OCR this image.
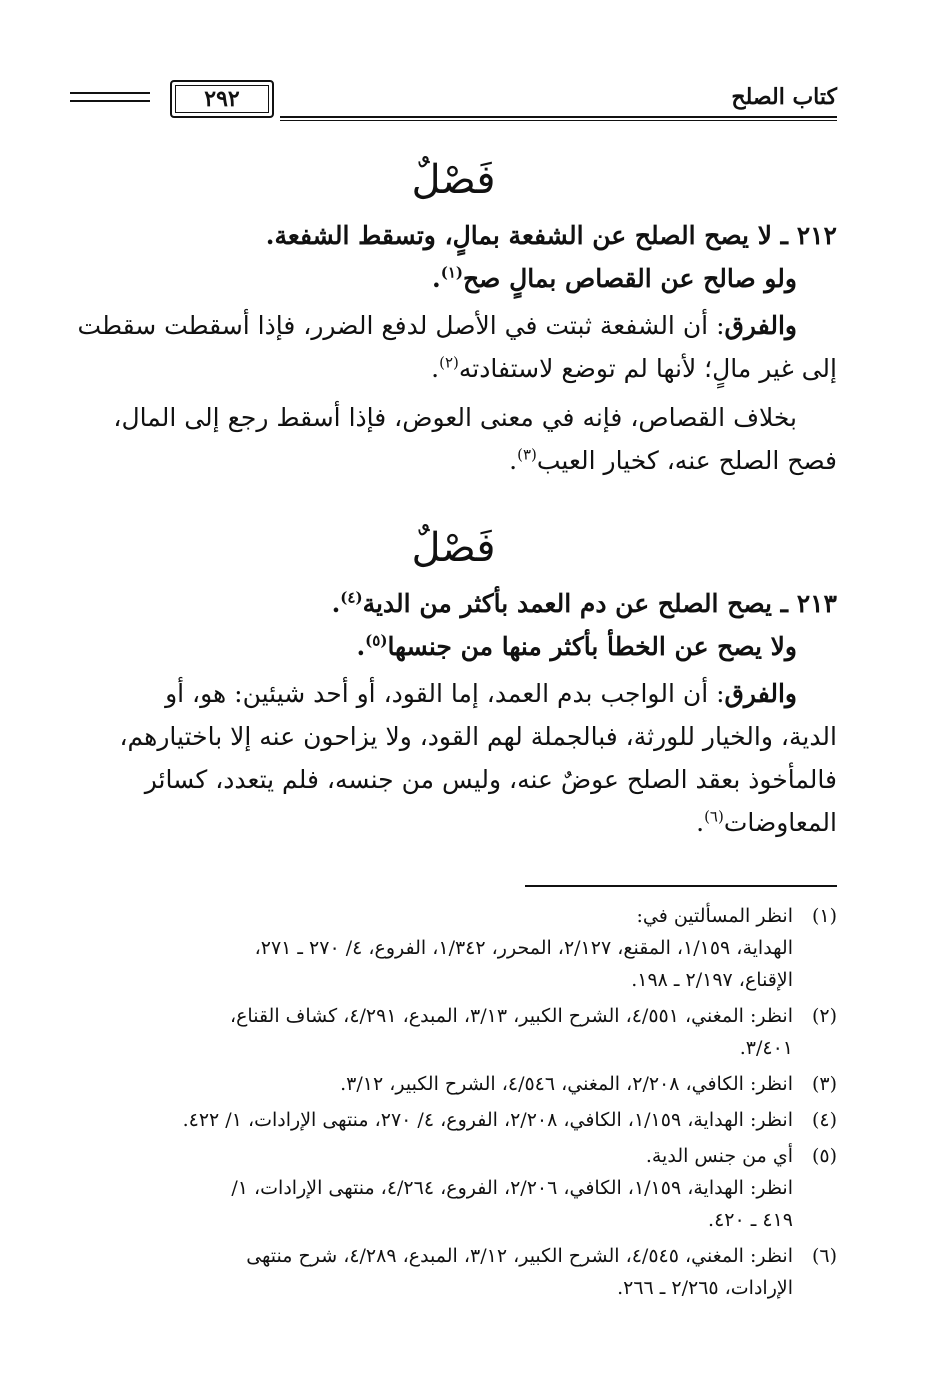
كتاب الصلح
٢٩٢

فَصْلٌ

٢١٢ ـ لا يصح الصلح عن الشفعة بمالٍ، وتسقط الشفعة.

ولو صالح عن القصاص بمالٍ صح$^{(١)}$.

والفرق: أن الشفعة ثبتت في الأصل لدفع الضرر، فإذا أسقطت سقطت

إلى غير مالٍ؛ لأنها لم توضع لاستفادته$^{(٢)}$.

بخلاف القصاص، فإنه في معنى العوض، فإذا أسقط رجع إلى المال،

فصح الصلح عنه، كخيار العيب$^{(٣)}$.

فَصْلٌ

٢١٣ ـ يصح الصلح عن دم العمد بأكثر من الدية$^{(٤)}$.

ولا يصح عن الخطأ بأكثر منها من جنسها$^{(٥)}$.

والفرق: أن الواجب بدم العمد، إما القود، أو أحد شيئين: هو، أو

الدية، والخيار للورثة، فبالجملة لهم القود، ولا يزاحون عنه إلا باختيارهم،

فالمأخوذ بعقد الصلح عوضٌ عنه، وليس من جنسه، فلم يتعدد، كسائر

المعاوضات$^{(٦)}$.

(١)
انظر المسألتين في:
الهداية، ١/١٥٩، المقنع، ٢/١٢٧، المحرر، ١/٣٤٢، الفروع، ٤/ ٢٧٠ ـ ٢٧١،
الإقناع، ٢/١٩٧ ـ ١٩٨.
(٢)
انظر: المغني، ٤/٥٥١، الشرح الكبير، ٣/١٣، المبدع، ٤/٢٩١، كشاف القناع،
٣/٤٠١.
(٣)
انظر: الكافي، ٢/٢٠٨، المغني، ٤/٥٤٦، الشرح الكبير، ٣/١٢.
(٤)
انظر: الهداية، ١/١٥٩، الكافي، ٢/٢٠٨، الفروع، ٤/ ٢٧٠، منتهى الإرادات، ١/ ٤٢٢.
(٥)
أي من جنس الدية.
انظر: الهداية، ١/١٥٩، الكافي، ٢/٢٠٦، الفروع، ٤/٢٦٤، منتهى الإرادات، ١/
٤١٩ ـ ٤٢٠.
(٦)
انظر: المغني، ٤/٥٤٥، الشرح الكبير، ٣/١٢، المبدع، ٤/٢٨٩، شرح منتهى
الإرادات، ٢/٢٦٥ ـ ٢٦٦.
